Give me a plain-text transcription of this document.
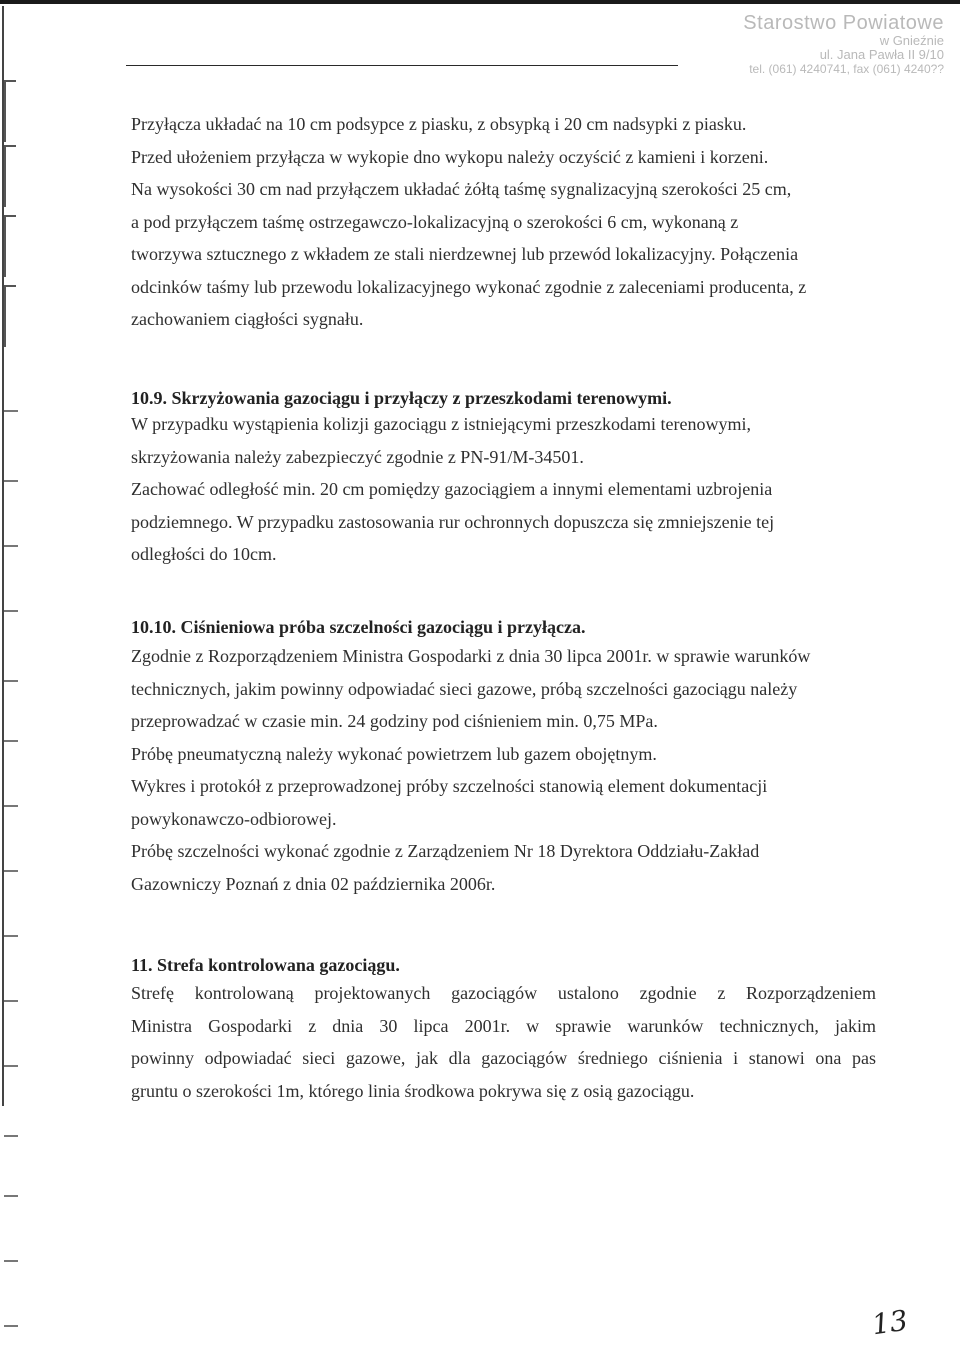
Starostwo Powiatowe
w Gnieźnie
ul. Jana Pawła II 9/10
tel. (061) 4240741, fax (061) 4240??
Przyłącza układać na 10 cm podsypce z piasku, z obsypką i 20 cm nadsypki z piasku.
Przed ułożeniem przyłącza w wykopie dno wykopu należy oczyścić z kamieni i korzeni.
Na wysokości 30 cm nad przyłączem układać żółtą taśmę sygnalizacyjną szerokości 25 cm,
a pod przyłączem taśmę ostrzegawczo-lokalizacyjną o szerokości 6 cm, wykonaną z
tworzywa sztucznego z wkładem ze stali nierdzewnej lub przewód lokalizacyjny. Połączenia
odcinków taśmy lub przewodu lokalizacyjnego wykonać zgodnie z zaleceniami producenta, z
zachowaniem ciągłości sygnału.
10.9. Skrzyżowania gazociągu i przyłączy z przeszkodami terenowymi.
W przypadku wystąpienia kolizji gazociągu z istniejącymi przeszkodami terenowymi,
skrzyżowania należy zabezpieczyć zgodnie z PN-91/M-34501.
Zachować odległość min. 20 cm pomiędzy gazociągiem a innymi elementami uzbrojenia
podziemnego. W przypadku zastosowania rur ochronnych dopuszcza się zmniejszenie tej
odległości do 10cm.
10.10. Ciśnieniowa próba szczelności gazociągu i przyłącza.
Zgodnie z Rozporządzeniem Ministra Gospodarki z dnia 30 lipca 2001r. w sprawie warunków
technicznych, jakim powinny odpowiadać sieci gazowe, próbą szczelności gazociągu należy
przeprowadzać w czasie min. 24 godziny pod ciśnieniem min. 0,75 MPa.
Próbę pneumatyczną należy wykonać powietrzem lub gazem obojętnym.
Wykres i protokół z przeprowadzonej próby szczelności stanowią element dokumentacji
powykonawczo-odbiorowej.
Próbę szczelności wykonać zgodnie z Zarządzeniem Nr 18 Dyrektora Oddziału-Zakład
Gazowniczy Poznań z dnia 02 października 2006r.
11. Strefa kontrolowana gazociągu.
Strefę kontrolowaną projektowanych gazociągów ustalono zgodnie z Rozporządzeniem
Ministra Gospodarki z dnia 30 lipca 2001r. w sprawie warunków technicznych, jakim
powinny odpowiadać sieci gazowe, jak dla gazociągów średniego ciśnienia i stanowi ona pas
gruntu o szerokości 1m, którego linia środkowa pokrywa się z osią gazociągu.
13
